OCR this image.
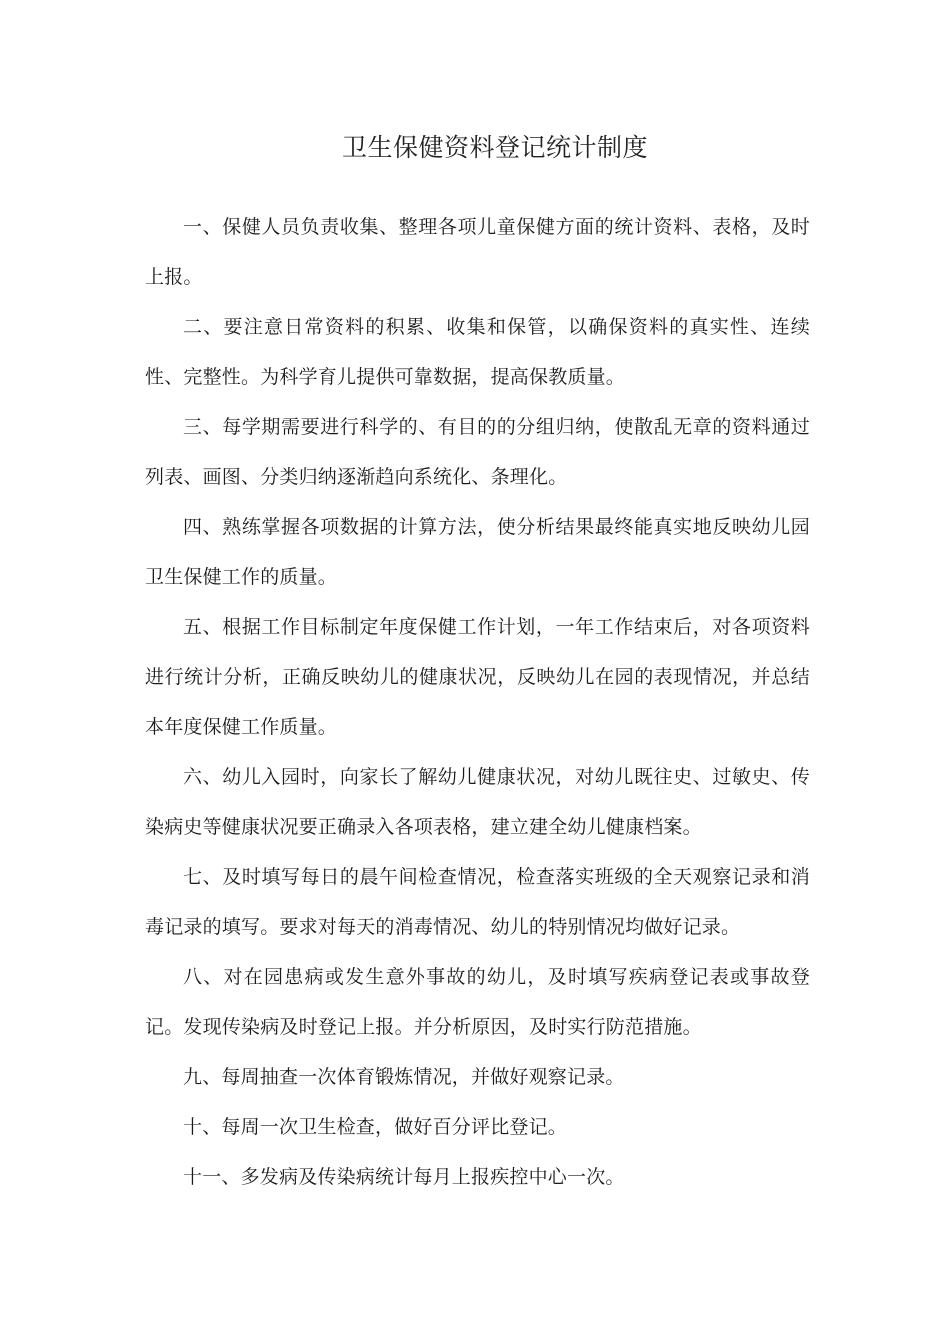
卫生保健资料登记统计制度

一、保健人员负责收集、整理各项儿童保健方面的统计资料、表格，及时上报。

二、要注意日常资料的积累、收集和保管，以确保资料的真实性、连续性、完整性。为科学育儿提供可靠数据，提高保教质量。

三、每学期需要进行科学的、有目的的分组归纳，使散乱无章的资料通过列表、画图、分类归纳逐渐趋向系统化、条理化。

四、熟练掌握各项数据的计算方法，使分析结果最终能真实地反映幼儿园卫生保健工作的质量。

五、根据工作目标制定年度保健工作计划，一年工作结束后，对各项资料进行统计分析，正确反映幼儿的健康状况，反映幼儿在园的表现情况，并总结本年度保健工作质量。

六、幼儿入园时，向家长了解幼儿健康状况，对幼儿既往史、过敏史、传染病史等健康状况要正确录入各项表格，建立建全幼儿健康档案。

七、及时填写每日的晨午间检查情况，检查落实班级的全天观察记录和消毒记录的填写。要求对每天的消毒情况、幼儿的特别情况均做好记录。

八、对在园患病或发生意外事故的幼儿，及时填写疾病登记表或事故登记。发现传染病及时登记上报。并分析原因，及时实行防范措施。

九、每周抽查一次体育锻炼情况，并做好观察记录。

十、每周一次卫生检查，做好百分评比登记。

十一、多发病及传染病统计每月上报疾控中心一次。
